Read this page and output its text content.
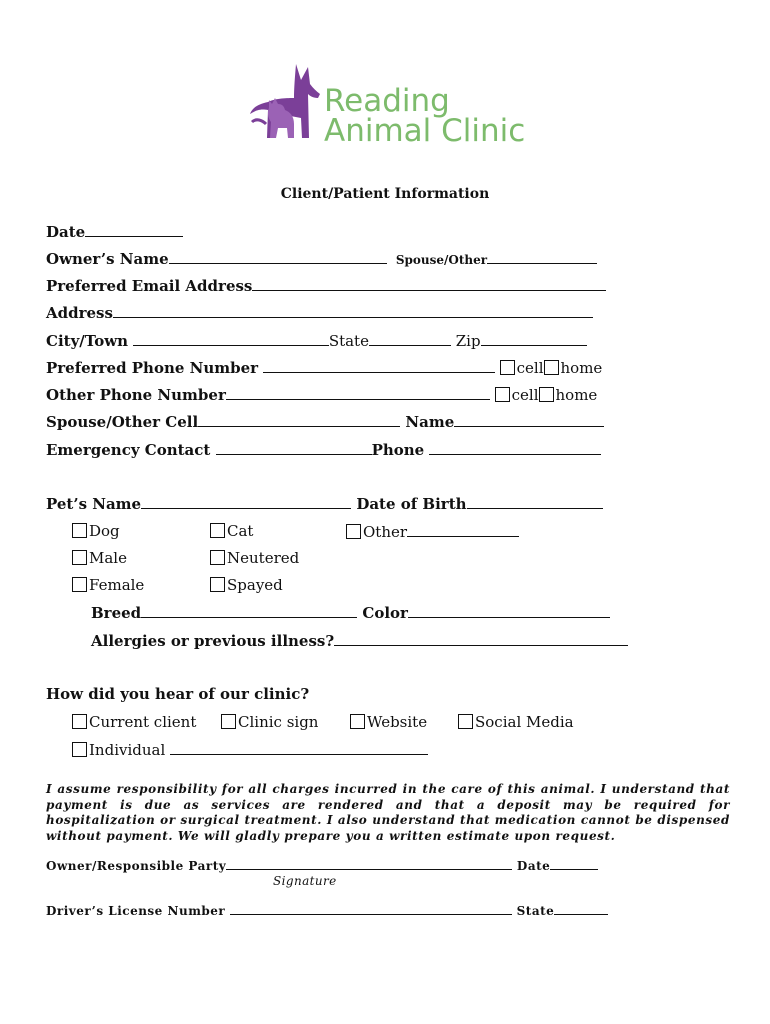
Reading
Animal Clinic
Client/Patient Information
Date
Owner’s Name	Spouse/Other
Preferred Email Address
Address
City/Town	State	Zip
Preferred Phone Number	cell home
Other Phone Number	cell home
Spouse/Other Cell	Name
Emergency Contact	Phone
Pet’s Name	Date of Birth
Dog	Cat	Other
Male	Neutered
Female	Spayed
Breed	Color
Allergies or previous illness?
How did you hear of our clinic?
Current client	Clinic sign	Website	Social Media
Individual
I assume responsibility for all charges incurred in the care of this animal. I understand that payment is due as services are rendered and that a deposit may be required for hospitalization or surgical treatment. I also understand that medication cannot be dispensed without payment. We will gladly prepare you a written estimate upon request.
Owner/Responsible Party	Date
Signature
Driver’s License Number	State
